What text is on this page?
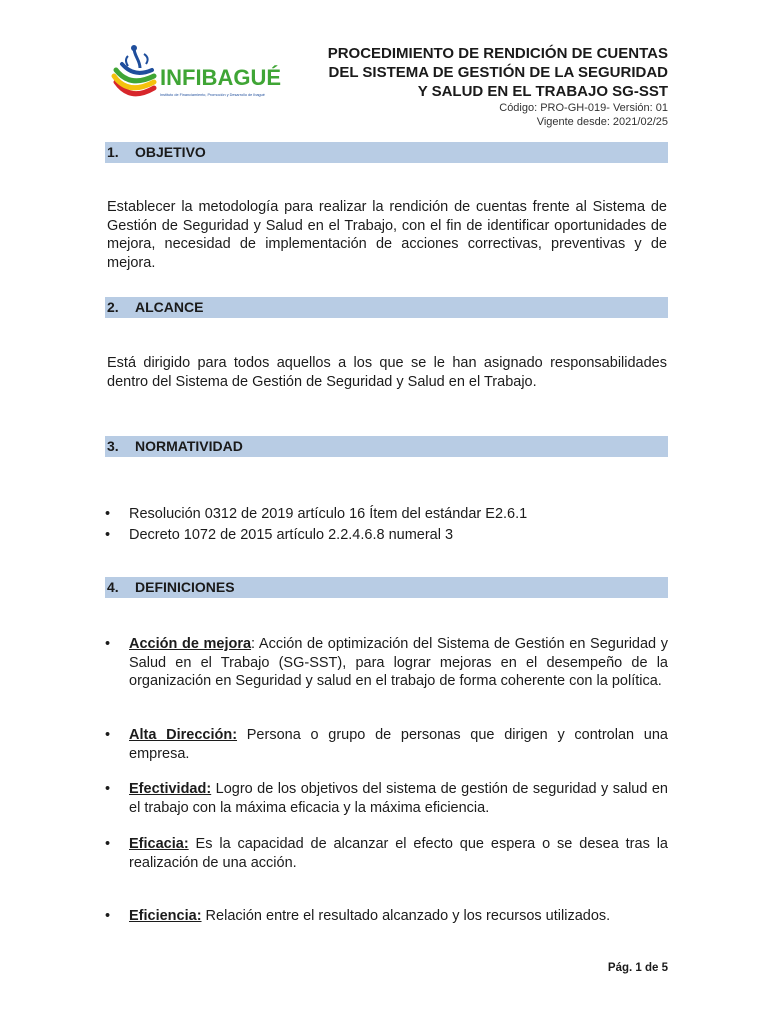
INFIBAGUÉ
Instituto de Financiamiento, Promoción y Desarrollo de Ibagué
PROCEDIMIENTO DE RENDICIÓN DE CUENTAS
DEL SISTEMA DE GESTIÓN DE LA SEGURIDAD
Y SALUD EN EL TRABAJO SG-SST
Código: PRO-GH-019- Versión: 01
Vigente desde: 2021/02/25
1. OBJETIVO
Establecer la metodología para realizar la rendición de cuentas frente al Sistema de Gestión de Seguridad y Salud en el Trabajo, con el fin de identificar oportunidades de mejora, necesidad de implementación de acciones correctivas, preventivas y de mejora.
2. ALCANCE
Está dirigido para todos aquellos a los que se le han asignado responsabilidades dentro del Sistema de Gestión de Seguridad y Salud en el Trabajo.
3. NORMATIVIDAD
•	Resolución 0312 de 2019 artículo 16 Ítem del estándar E2.6.1
•	Decreto 1072 de 2015 artículo 2.2.4.6.8 numeral 3
4. DEFINICIONES
•	Acción de mejora: Acción de optimización del Sistema de Gestión en Seguridad y Salud en el Trabajo (SG-SST), para lograr mejoras en el desempeño de la organización en Seguridad y salud en el trabajo de forma coherente con la política.
•	Alta Dirección: Persona o grupo de personas que dirigen y controlan una empresa.
•	Efectividad: Logro de los objetivos del sistema de gestión de seguridad y salud en el trabajo con la máxima eficacia y la máxima eficiencia.
•	Eficacia: Es la capacidad de alcanzar el efecto que espera o se desea tras la realización de una acción.
•	Eficiencia: Relación entre el resultado alcanzado y los recursos utilizados.
Pág. 1 de 5
